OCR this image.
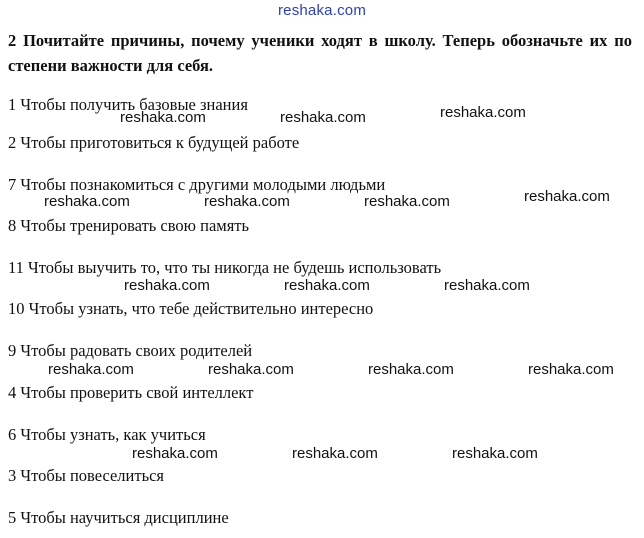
reshaka.com
2 Почитайте причины, почему ученики ходят в школу. Теперь обозначьте их по степени важности для себя.
1 Чтобы получить базовые знания
2 Чтобы приготовиться к будущей работе
7 Чтобы познакомиться с другими молодыми людьми
8 Чтобы тренировать свою память
11 Чтобы выучить то, что ты никогда не будешь использовать
10 Чтобы узнать, что тебе действительно интересно
9 Чтобы радовать своих родителей
4 Чтобы проверить свой интеллект
6 Чтобы узнать, как учиться
3 Чтобы повеселиться
5 Чтобы научиться дисциплине
reshaka.com	reshaka.com	reshaka.com
reshaka.com	reshaka.com	reshaka.com	reshaka.com
reshaka.com	reshaka.com	reshaka.com
reshaka.com	reshaka.com	reshaka.com	reshaka.com
reshaka.com	reshaka.com	reshaka.com
